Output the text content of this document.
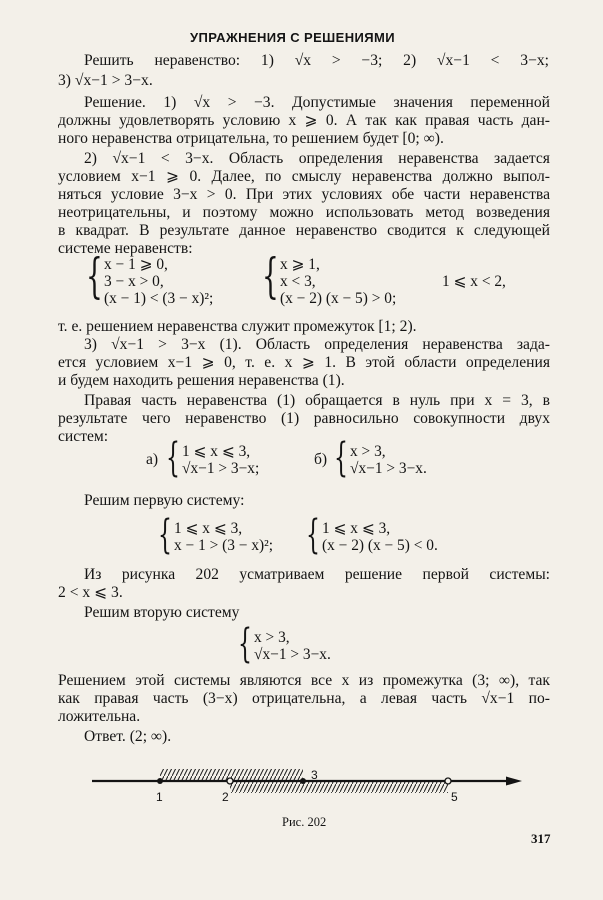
УПРАЖНЕНИЯ С РЕШЕНИЯМИ

Решить неравенство: 1) √x > −3; 2) √x−1 < 3−x;

3) √x−1 > 3−x.

Решение. 1) √x > −3. Допустимые значения переменной

должны удовлетворять условию x ⩾ 0. А так как правая часть дан-

ного неравенства отрицательна, то решением будет [0; ∞).

2) √x−1 < 3−x. Область определения неравенства задается

условием x−1 ⩾ 0. Далее, по смыслу неравенства должно выпол-

няться условие 3−x > 0. При этих условиях обе части неравенства

неотрицательны, и поэтому можно использовать метод возведения

в квадрат. В результате данное неравенство сводится к следующей

системе неравенств:

{ x − 1 ⩾ 0,
3 − x > 0,
(x − 1) < (3 − x)²; { x ⩾ 1,
x < 3,
(x − 2) (x − 5) > 0;
1 ⩽ x < 2,

т. е. решением неравенства служит промежуток [1; 2).

3) √x−1 > 3−x (1). Область определения неравенства зада-

ется условием x−1 ⩾ 0, т. е. x ⩾ 1. В этой области определения

и будем находить решения неравенства (1).

Правая часть неравенства (1) обращается в нуль при x = 3, в

результате чего неравенство (1) равносильно совокупности двух

систем:

а) { 1 ⩽ x ⩽ 3,
√x−1 > 3−x;
б) { x > 3,
√x−1 > 3−x.

Решим первую систему:

{ 1 ⩽ x ⩽ 3,
x − 1 > (3 − x)²; { 1 ⩽ x ⩽ 3,
(x − 2) (x − 5) < 0.

Из рисунка 202 усматриваем решение первой системы:

2 < x ⩽ 3.

Решим вторую систему

{ x > 3,
√x−1 > 3−x.

Решением этой системы являются все x из промежутка (3; ∞), так

как правая часть (3−x) отрицательна, а левая часть √x−1 по-

ложительна.

Ответ. (2; ∞).

1	2
3
5

Рис. 202

317
